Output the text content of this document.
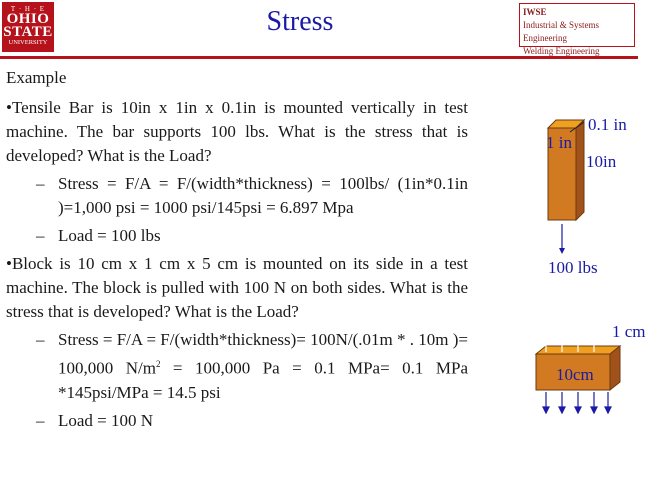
T · H · E
OHIO
STATE
UNIVERSITY
Stress	IWSE
Industrial & Systems Engineering
Welding Engineering

Example

•Tensile Bar is 10in x 1in x 0.1in is mounted vertically in test machine. The bar supports 100 lbs. What is the stress that is developed? What is the Load?

– Stress = F/A = F/(width*thickness) = 100lbs/ (1in*0.1in )=1,000 psi = 1000 psi/145psi = 6.897 Mpa

– Load = 100 lbs

•Block is 10 cm x 1 cm x 5 cm is mounted on its side in a test machine. The block is pulled with 100 N on both sides. What is the stress that is developed? What is the Load?

– Stress = F/A = F/(width*thickness)= 100N/(.01m * . 10m )= 100,000 $N/m^2 = 100,000$ Pa = 0.1 MPa= 0.1 MPa *145psi/MPa = 14.5 psi

– Load = 100 N

0.1 in
1 in
10in
100 lbs
10cm
1 cm
